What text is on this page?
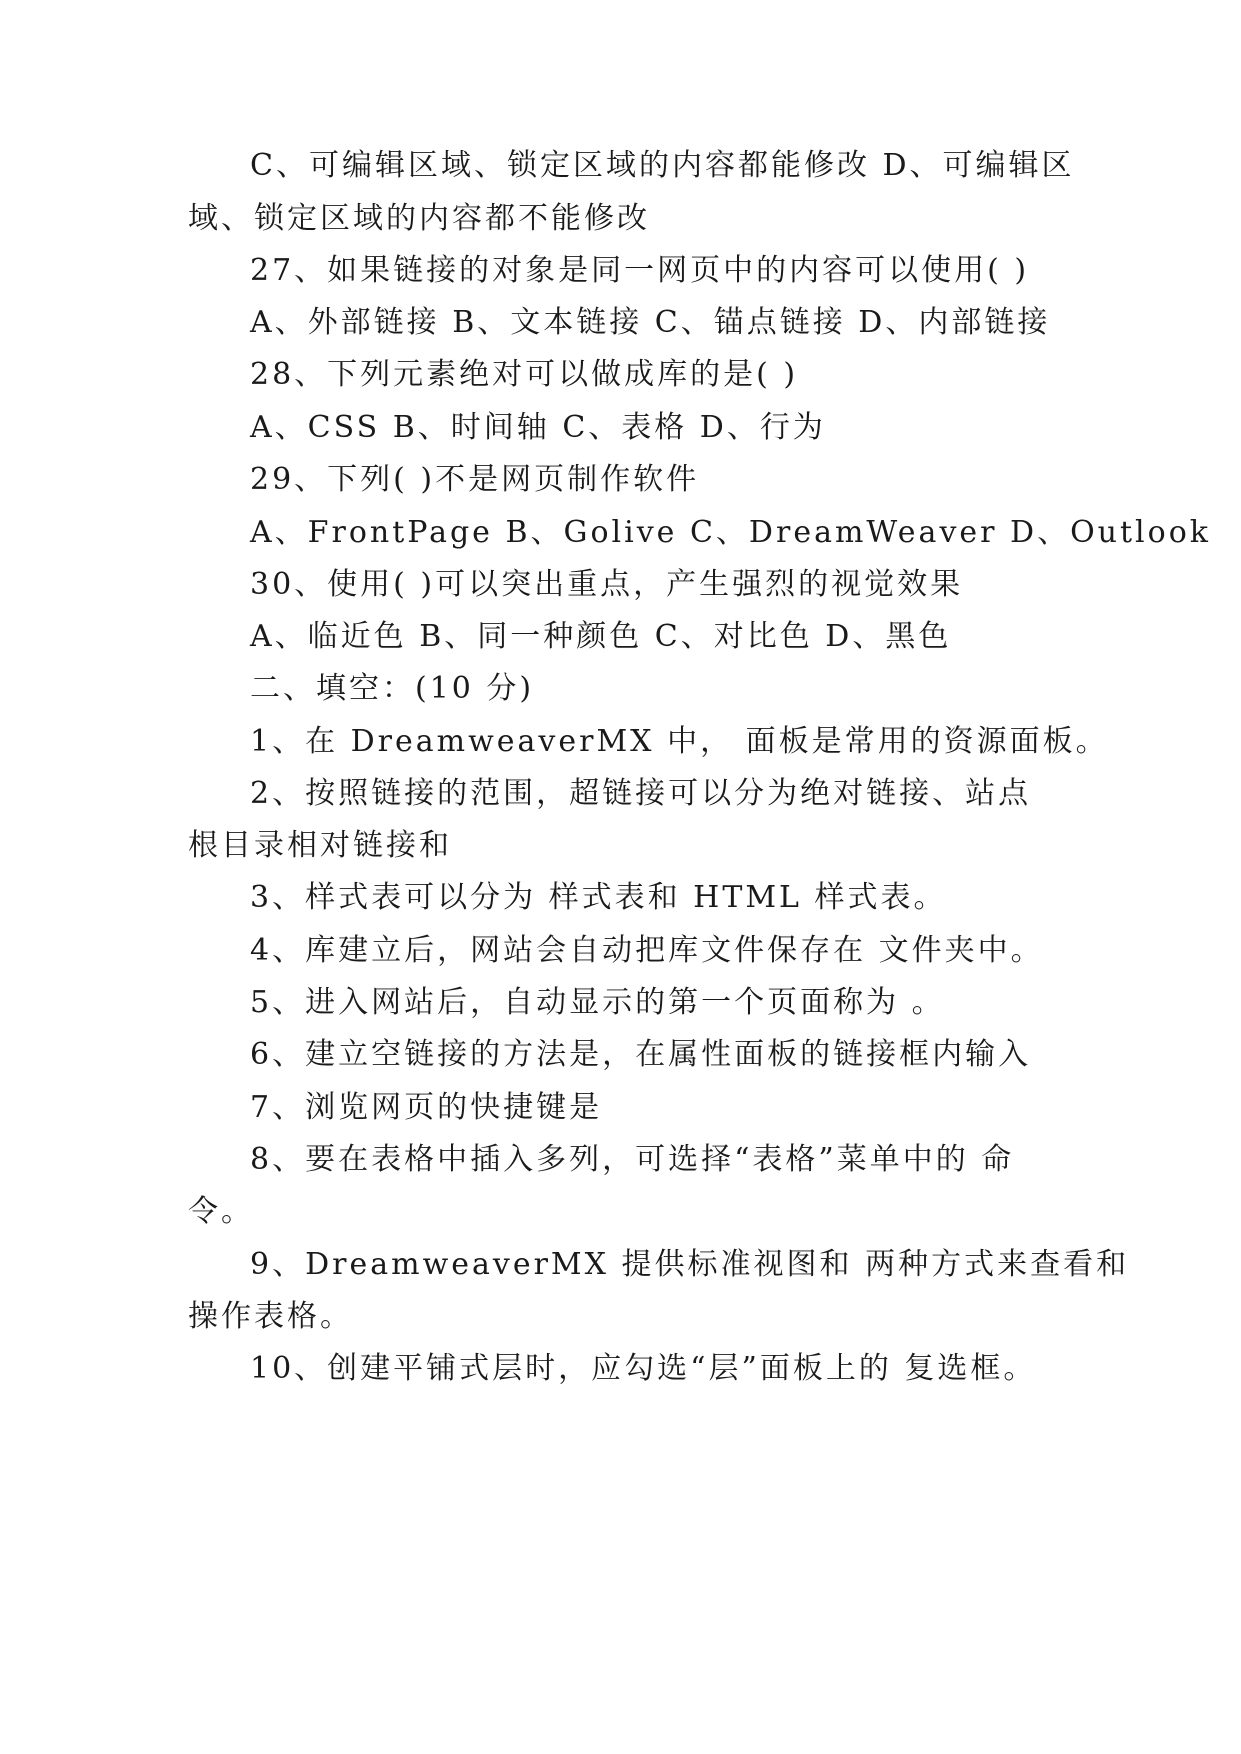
C、可编辑区域、锁定区域的内容都能修改 D、可编辑区
域、锁定区域的内容都不能修改
27、如果链接的对象是同一网页中的内容可以使用( )
A、外部链接 B、文本链接 C、锚点链接 D、内部链接
28、下列元素绝对可以做成库的是( )
A、CSS B、时间轴 C、表格 D、行为
29、下列( )不是网页制作软件
A、FrontPage B、Golive C、DreamWeaver D、Outlook
30、使用( )可以突出重点，产生强烈的视觉效果
A、临近色 B、同一种颜色 C、对比色 D、黑色
二、填空：(10 分)
1、在 DreamweaverMX 中， 面板是常用的资源面板。
2、按照链接的范围，超链接可以分为绝对链接、站点
根目录相对链接和
3、样式表可以分为 样式表和 HTML 样式表。
4、库建立后，网站会自动把库文件保存在 文件夹中。
5、进入网站后，自动显示的第一个页面称为 。
6、建立空链接的方法是，在属性面板的链接框内输入
7、浏览网页的快捷键是
8、要在表格中插入多列，可选择“表格”菜单中的 命
令。
9、DreamweaverMX 提供标准视图和 两种方式来查看和
操作表格。
10、创建平铺式层时，应勾选“层”面板上的 复选框。
